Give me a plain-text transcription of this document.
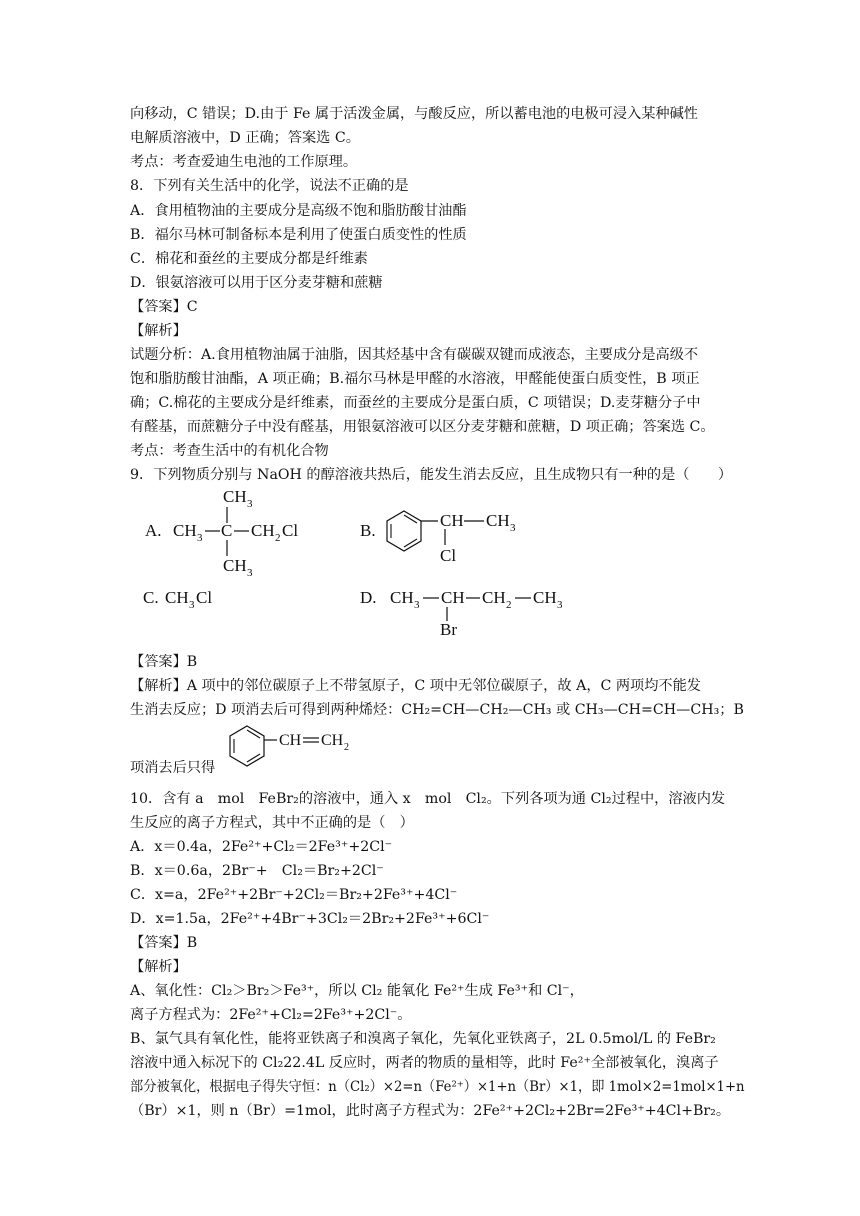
向移动，C 错误；D.由于 Fe 属于活泼金属，与酸反应，所以蓄电池的电极可浸入某种碱性
电解质溶液中，D 正确；答案选 C。
考点：考查爱迪生电池的工作原理。
8．下列有关生活中的化学，说法不正确的是
A．食用植物油的主要成分是高级不饱和脂肪酸甘油酯
B．福尔马林可制备标本是利用了使蛋白质变性的性质
C．棉花和蚕丝的主要成分都是纤维素
D．银氨溶液可以用于区分麦芽糖和蔗糖
【答案】C
【解析】
试题分析：A.食用植物油属于油脂，因其烃基中含有碳碳双键而成液态，主要成分是高级不
饱和脂肪酸甘油酯，A 项正确；B.福尔马林是甲醛的水溶液，甲醛能使蛋白质变性，B 项正
确；C.棉花的主要成分是纤维素，而蚕丝的主要成分是蛋白质，C 项错误；D.麦芽糖分子中
有醛基，而蔗糖分子中没有醛基，用银氨溶液可以区分麦芽糖和蔗糖，D 项正确；答案选 C。
考点：考查生活中的有机化合物
9．下列物质分别与 NaOH 的醇溶液共热后，能发生消去反应，且生成物只有一种的是（　　）
A.
CH 3
CH 3 C CH 2 Cl
CH 3
B.
CH CH 3
Cl
C. CH 3 Cl	D. CH 3 CH CH 2 CH 3
Br
【答案】B
【解析】A 项中的邻位碳原子上不带氢原子，C 项中无邻位碳原子，故 A，C 两项均不能发
生消去反应；D 项消去后可得到两种烯烃：CH₂=CH—CH₂—CH₃ 或 CH₃—CH=CH—CH₃；B
CH CH 2
项消去后只得
10．含有 a　mol　FeBr₂的溶液中，通入 x　mol　Cl₂。下列各项为通 Cl₂过程中，溶液内发
生反应的离子方程式，其中不正确的是（　）
A．x＝0.4a，2Fe²⁺+Cl₂＝2Fe³⁺+2Cl⁻
B．x＝0.6a，2Br⁻+　Cl₂＝Br₂+2Cl⁻
C．x=a，2Fe²⁺+2Br⁻+2Cl₂＝Br₂+2Fe³⁺+4Cl⁻
D．x=1.5a，2Fe²⁺+4Br⁻+3Cl₂＝2Br₂+2Fe³⁺+6Cl⁻
【答案】B
【解析】
A、氧化性：Cl₂＞Br₂＞Fe³⁺，所以 Cl₂ 能氧化 Fe²⁺生成 Fe³⁺和 Cl⁻，
离子方程式为：2Fe²⁺+Cl₂=2Fe³⁺+2Cl⁻。
B、氯气具有氧化性，能将亚铁离子和溴离子氧化，先氧化亚铁离子，2L 0.5mol/L 的 FeBr₂
溶液中通入标况下的 Cl₂22.4L 反应时，两者的物质的量相等，此时 Fe²⁺全部被氧化，溴离子
部分被氧化，根据电子得失守恒：n（Cl₂）×2=n（Fe²⁺）×1+n（Br）×1，即 1mol×2=1mol×1+n
（Br）×1，则 n（Br）=1mol，此时离子方程式为：2Fe²⁺+2Cl₂+2Br=2Fe³⁺+4Cl+Br₂。
